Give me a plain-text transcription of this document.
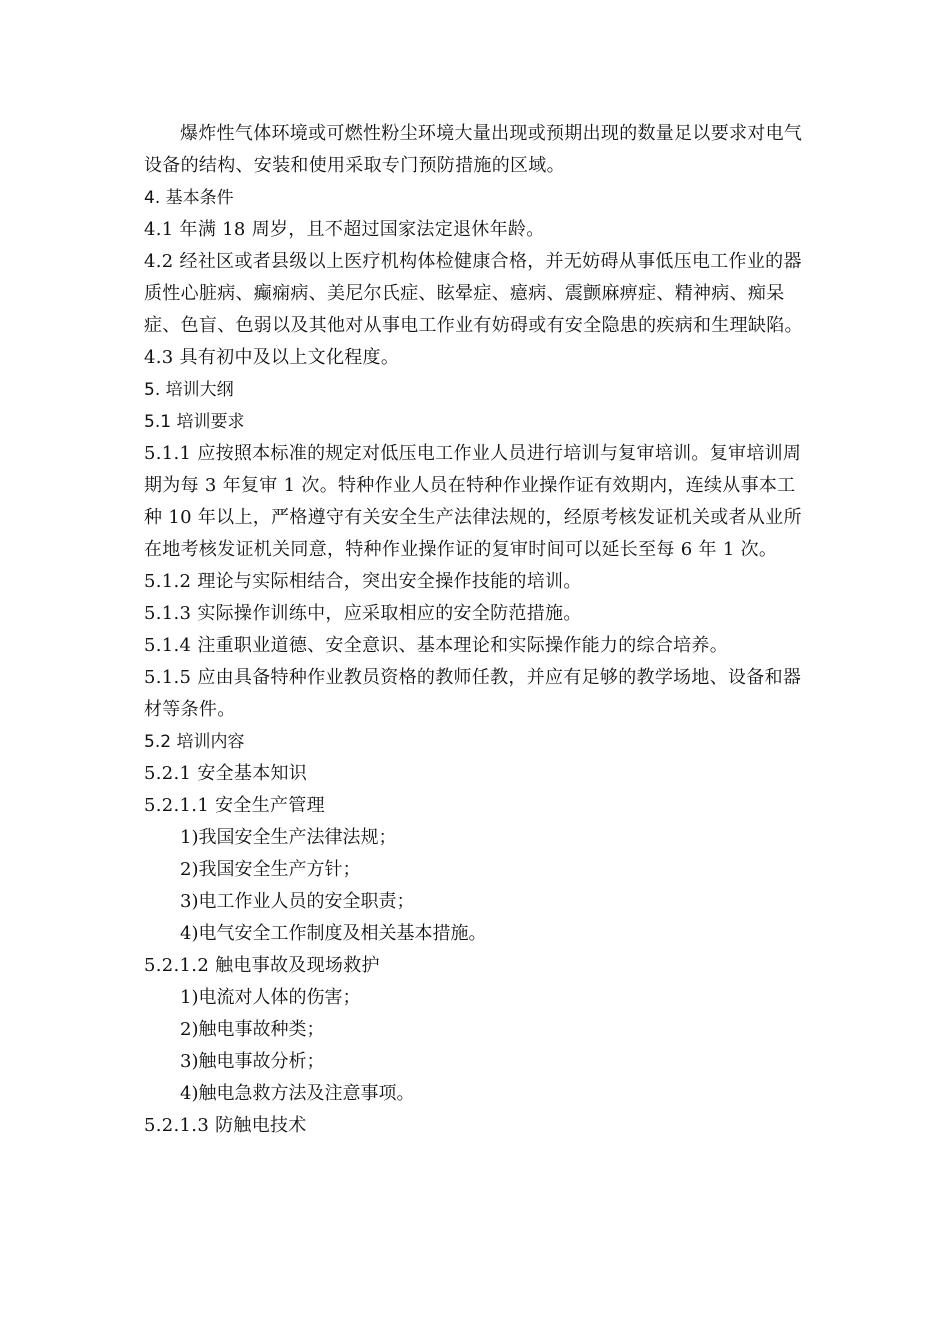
爆炸性气体环境或可燃性粉尘环境大量出现或预期出现的数量足以要求对电气设备的结构、安装和使用采取专门预防措施的区域。

4. 基本条件

4.1 年满 18 周岁，且不超过国家法定退休年龄。

4.2 经社区或者县级以上医疗机构体检健康合格，并无妨碍从事低压电工作业的器质性心脏病、癫痫病、美尼尔氏症、眩晕症、癔病、震颤麻痹症、精神病、痴呆症、色盲、色弱以及其他对从事电工作业有妨碍或有安全隐患的疾病和生理缺陷。

4.3 具有初中及以上文化程度。

5. 培训大纲

5.1 培训要求

5.1.1 应按照本标准的规定对低压电工作业人员进行培训与复审培训。复审培训周期为每 3 年复审 1 次。特种作业人员在特种作业操作证有效期内，连续从事本工种 10 年以上，严格遵守有关安全生产法律法规的，经原考核发证机关或者从业所在地考核发证机关同意，特种作业操作证的复审时间可以延长至每 6 年 1 次。

5.1.2 理论与实际相结合，突出安全操作技能的培训。

5.1.3 实际操作训练中，应采取相应的安全防范措施。

5.1.4 注重职业道德、安全意识、基本理论和实际操作能力的综合培养。

5.1.5 应由具备特种作业教员资格的教师任教，并应有足够的教学场地、设备和器材等条件。

5.2 培训内容

5.2.1 安全基本知识

5.2.1.1 安全生产管理

1)我国安全生产法律法规；

2)我国安全生产方针；

3)电工作业人员的安全职责；

4)电气安全工作制度及相关基本措施。

5.2.1.2 触电事故及现场救护

1)电流对人体的伤害；

2)触电事故种类；

3)触电事故分析；

4)触电急救方法及注意事项。

5.2.1.3 防触电技术
